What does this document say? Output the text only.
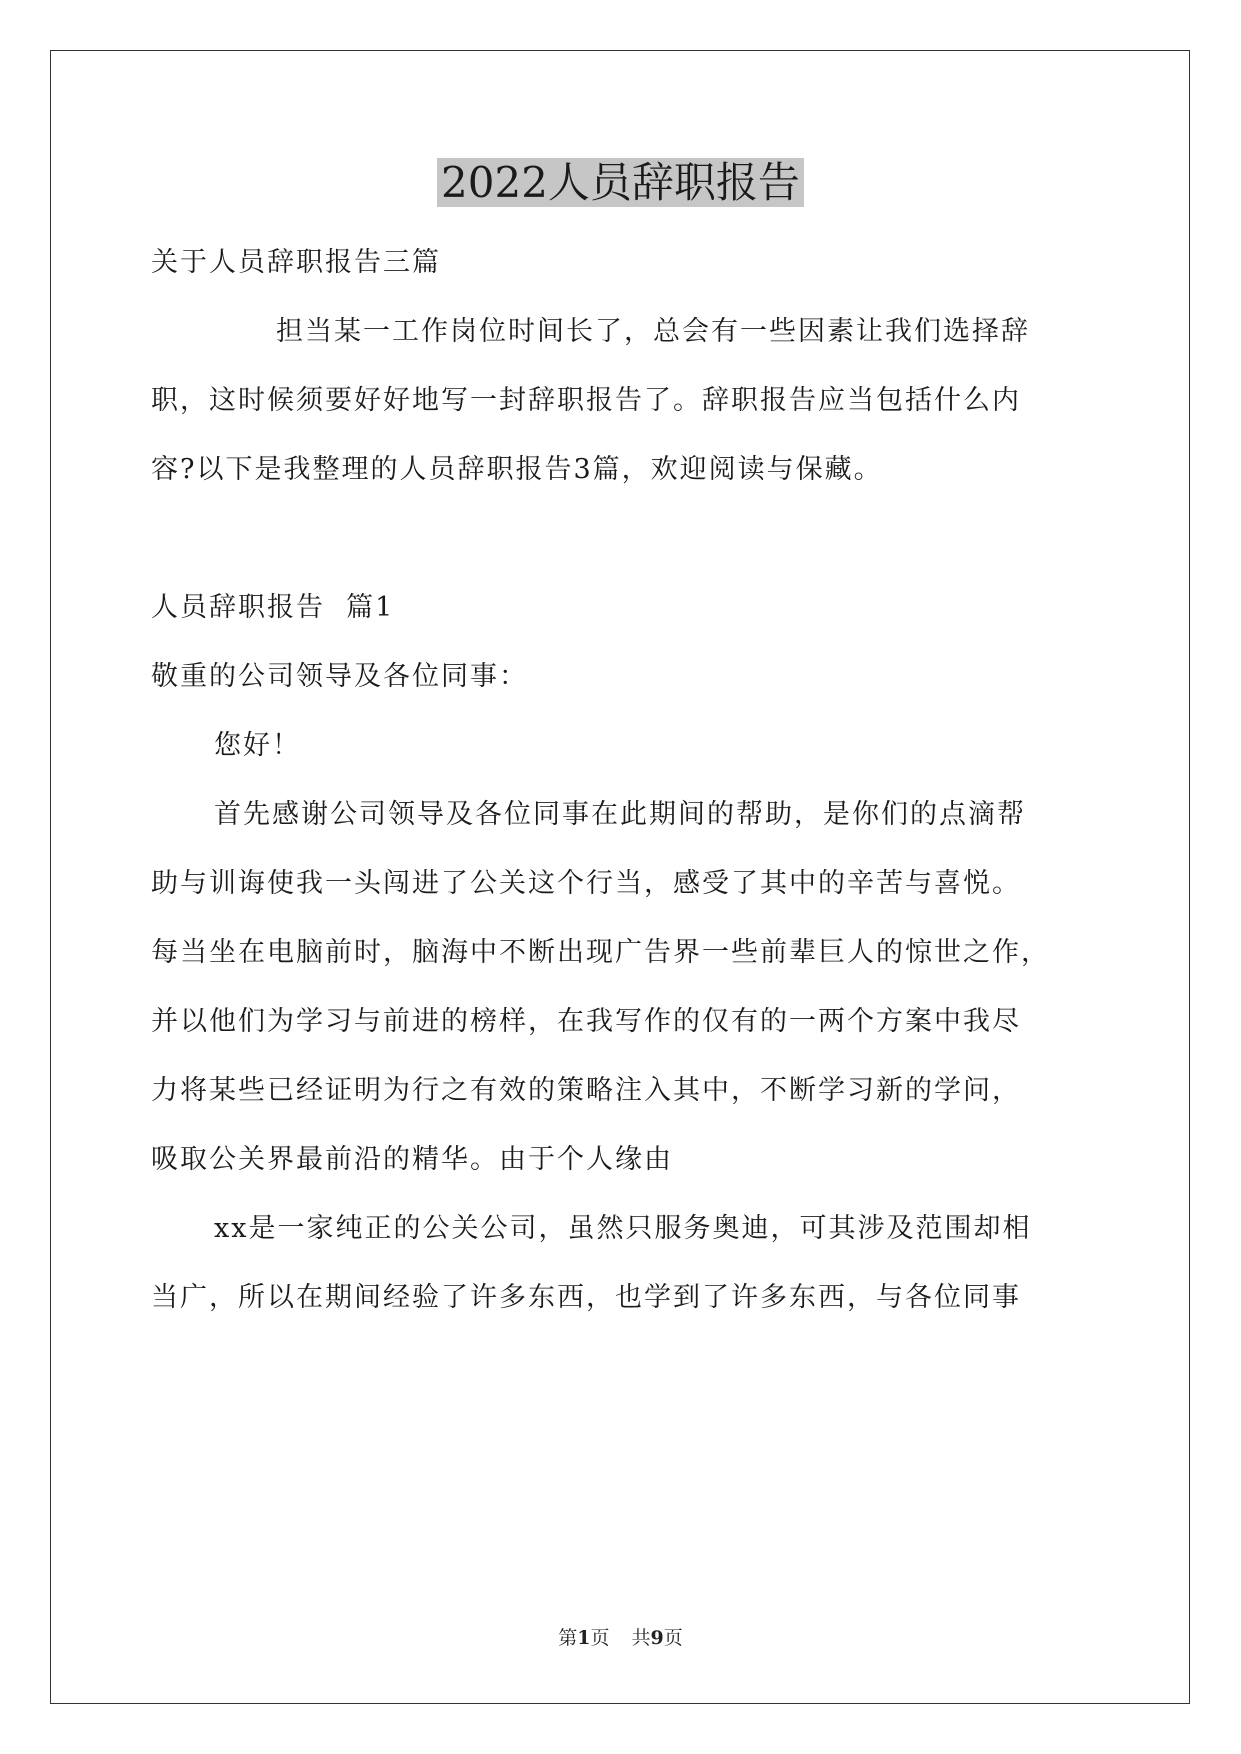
2022人员辞职报告
关于人员辞职报告三篇
担当某一工作岗位时间长了，总会有一些因素让我们选择辞
职，这时候须要好好地写一封辞职报告了。辞职报告应当包括什么内
容?以下是我整理的人员辞职报告3篇，欢迎阅读与保藏。
人员辞职报告  篇1
敬重的公司领导及各位同事：
您好！
首先感谢公司领导及各位同事在此期间的帮助，是你们的点滴帮
助与训诲使我一头闯进了公关这个行当，感受了其中的辛苦与喜悦。
每当坐在电脑前时，脑海中不断出现广告界一些前辈巨人的惊世之作，
并以他们为学习与前进的榜样，在我写作的仅有的一两个方案中我尽
力将某些已经证明为行之有效的策略注入其中，不断学习新的学问，
吸取公关界最前沿的精华。由于个人缘由
xx是一家纯正的公关公司，虽然只服务奥迪，可其涉及范围却相
当广，所以在期间经验了许多东西，也学到了许多东西，与各位同事
第1页 共9页
